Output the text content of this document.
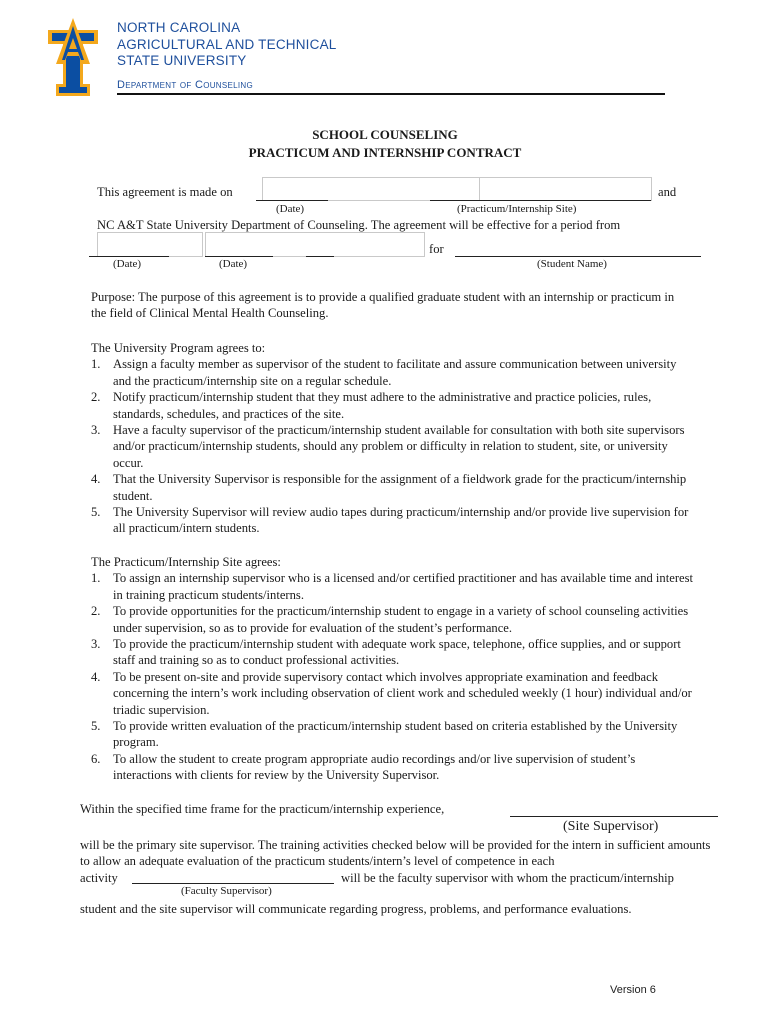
NORTH CAROLINA
AGRICULTURAL AND TECHNICAL
STATE UNIVERSITY
Department of Counseling
SCHOOL COUNSELING
PRACTICUM AND INTERNSHIP CONTRACT
This agreement is made on	and
(Date)	(Practicum/Internship Site)
NC A&T State University Department of Counseling. The agreement will be effective for a period from
for
(Date)	(Date)	(Student Name)
Purpose: The purpose of this agreement is to provide a qualified graduate student with an internship or practicum in the field of Clinical Mental Health Counseling.
The University Program agrees to:
1. Assign a faculty member as supervisor of the student to facilitate and assure communication between university and the practicum/internship site on a regular schedule.
2. Notify practicum/internship student that they must adhere to the administrative and practice policies, rules, standards, schedules, and practices of the site.
3. Have a faculty supervisor of the practicum/internship student available for consultation with both site supervisors and/or practicum/internship students, should any problem or difficulty in relation to student, site, or university occur.
4. That the University Supervisor is responsible for the assignment of a fieldwork grade for the practicum/internship student.
5. The University Supervisor will review audio tapes during practicum/internship and/or provide live supervision for all practicum/intern students.
The Practicum/Internship Site agrees:
1. To assign an internship supervisor who is a licensed and/or certified practitioner and has available time and interest in training practicum students/interns.
2. To provide opportunities for the practicum/internship student to engage in a variety of school counseling activities under supervision, so as to provide for evaluation of the student’s performance.
3. To provide the practicum/internship student with adequate work space, telephone, office supplies, and or support staff and training so as to conduct professional activities.
4. To be present on-site and provide supervisory contact which involves appropriate examination and feedback concerning the intern’s work including observation of client work and scheduled weekly (1 hour) individual and/or triadic supervision.
5. To provide written evaluation of the practicum/internship student based on criteria established by the University program.
6. To allow the student to create program appropriate audio recordings and/or live supervision of student’s interactions with clients for review by the University Supervisor.
Within the specified time frame for the practicum/internship experience,
(Site Supervisor)
will be the primary site supervisor. The training activities checked below will be provided for the intern in sufficient amounts to allow an adequate evaluation of the practicum students/intern’s level of competence in each
activity	will be the faculty supervisor with whom the practicum/internship
(Faculty Supervisor)
student and the site supervisor will communicate regarding progress, problems, and performance evaluations.
Version 6
